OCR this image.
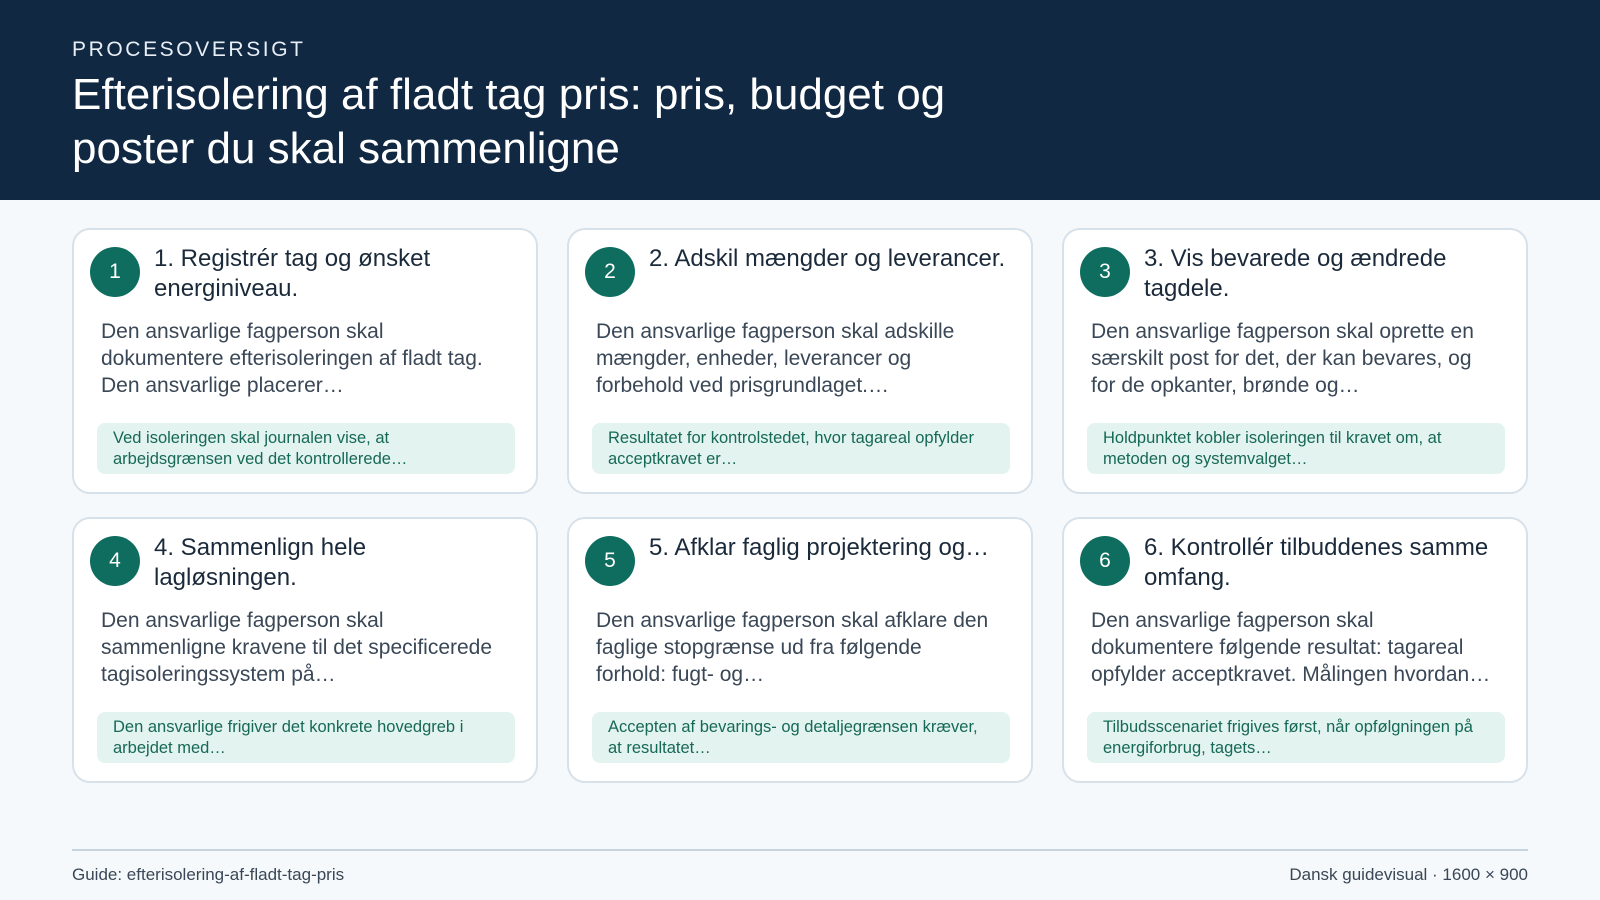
PROCESOVERSIGT
Efterisolering af fladt tag pris: pris, budget og poster du skal sammenligne
1	1. Registrér tag og ønsket energiniveau.
Den ansvarlige fagperson skal dokumentere efterisoleringen af fladt tag. Den ansvarlige placerer…
Ved isoleringen skal journalen vise, at arbejdsgrænsen ved det kontrollerede…
2	2. Adskil mængder og leverancer.
Den ansvarlige fagperson skal adskille mængder, enheder, leverancer og forbehold ved prisgrundlaget.…
Resultatet for kontrolstedet, hvor tagareal opfylder acceptkravet er…
3	3. Vis bevarede og ændrede tagdele.
Den ansvarlige fagperson skal oprette en særskilt post for det, der kan bevares, og for de opkanter, brønde og…
Holdpunktet kobler isoleringen til kravet om, at metoden og systemvalget…
4	4. Sammenlign hele lagløsningen.
Den ansvarlige fagperson skal sammenligne kravene til det specificerede tagisoleringssystem på…
Den ansvarlige frigiver det konkrete hovedgreb i arbejdet med…
5	5. Afklar faglig projektering og…
Den ansvarlige fagperson skal afklare den faglige stopgrænse ud fra følgende forhold: fugt- og…
Accepten af bevarings- og detaljegrænsen kræver, at resultatet…
6	6. Kontrollér tilbuddenes samme omfang.
Den ansvarlige fagperson skal dokumentere følgende resultat: tagareal opfylder acceptkravet. Målingen hvordan…
Tilbudsscenariet frigives først, når opfølgningen på energiforbrug, tagets…
Guide: efterisolering-af-fladt-tag-pris	Dansk guidevisual · 1600 × 900
